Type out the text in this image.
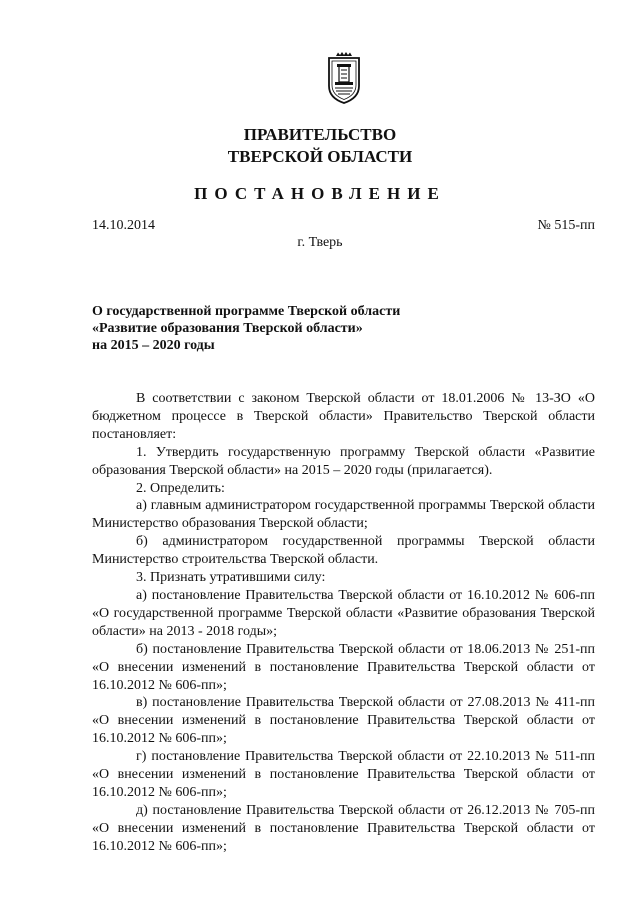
ПРАВИТЕЛЬСТВО
ТВЕРСКОЙ ОБЛАСТИ
ПОСТАНОВЛЕНИЕ
14.10.2014	№ 515-пп
г. Тверь
О государственной программе Тверской области
«Развитие образования Тверской области»
на 2015 – 2020 годы

В соответствии с законом Тверской области от 18.01.2006 № 13-ЗО «О бюджетном процессе в Тверской области» Правительство Тверской области постановляет:

1. Утвердить государственную программу Тверской области «Развитие образования Тверской области» на 2015 – 2020 годы (прилагается).

2. Определить:

а) главным администратором государственной программы Тверской области Министерство образования Тверской области;

б) администратором государственной программы Тверской области Министерство строительства Тверской области.

3. Признать утратившими силу:

а) постановление Правительства Тверской области от 16.10.2012 № 606-пп «О государственной программе Тверской области «Развитие образования Тверской области» на 2013 - 2018 годы»;

б) постановление Правительства Тверской области от 18.06.2013 № 251-пп «О внесении изменений в постановление Правительства Тверской области от 16.10.2012 № 606-пп»;

в) постановление Правительства Тверской области от 27.08.2013 № 411-пп «О внесении изменений в постановление Правительства Тверской области от 16.10.2012 № 606-пп»;

г) постановление Правительства Тверской области от 22.10.2013 № 511-пп «О внесении изменений в постановление Правительства Тверской области от 16.10.2012 № 606-пп»;

д) постановление Правительства Тверской области от 26.12.2013 № 705-пп «О внесении изменений в постановление Правительства Тверской области от 16.10.2012 № 606-пп»;
